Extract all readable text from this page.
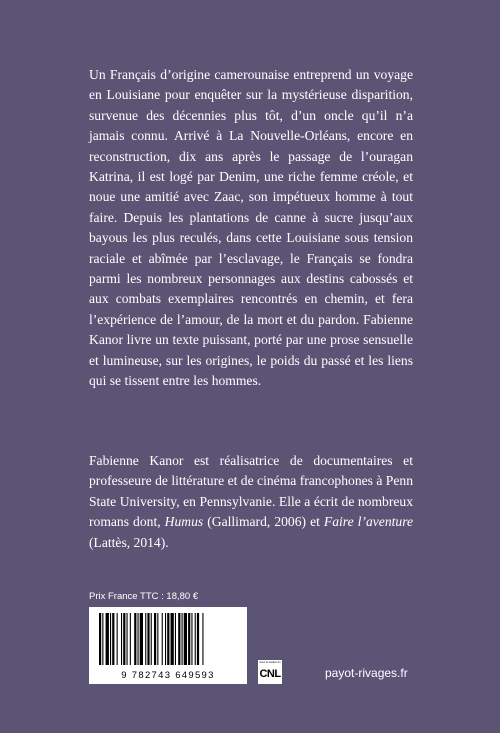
Un Français d’origine camerounaise entreprend un voyage en Louisiane pour enquêter sur la mystérieuse disparition, survenue des décennies plus tôt, d’un oncle qu’il n’a jamais connu. Arrivé à La Nouvelle-Orléans, encore en reconstruction, dix ans après le passage de l’ouragan Katrina, il est logé par Denim, une riche femme créole, et noue une amitié avec Zaac, son impétueux homme à tout faire. Depuis les plantations de canne à sucre jusqu’aux bayous les plus reculés, dans cette Louisiane sous tension raciale et abîmée par l’esclavage, le Français se fondra parmi les nombreux personnages aux destins cabossés et aux combats exemplaires rencontrés en chemin, et fera l’expérience de l’amour, de la mort et du pardon. Fabienne Kanor livre un texte puissant, porté par une prose sensuelle et lumineuse, sur les origines, le poids du passé et les liens qui se tissent entre les hommes.

Fabienne Kanor est réalisatrice de documentaires et professeure de littérature et de cinéma francophones à Penn State University, en Pennsylvanie. Elle a écrit de nombreux romans dont, Humus (Gallimard, 2006) et Faire l’aventure (Lattès, 2014).

Prix France TTC : 18,80 €
9 782743 649593
Avec le soutien du
CNL	payot-rivages.fr
